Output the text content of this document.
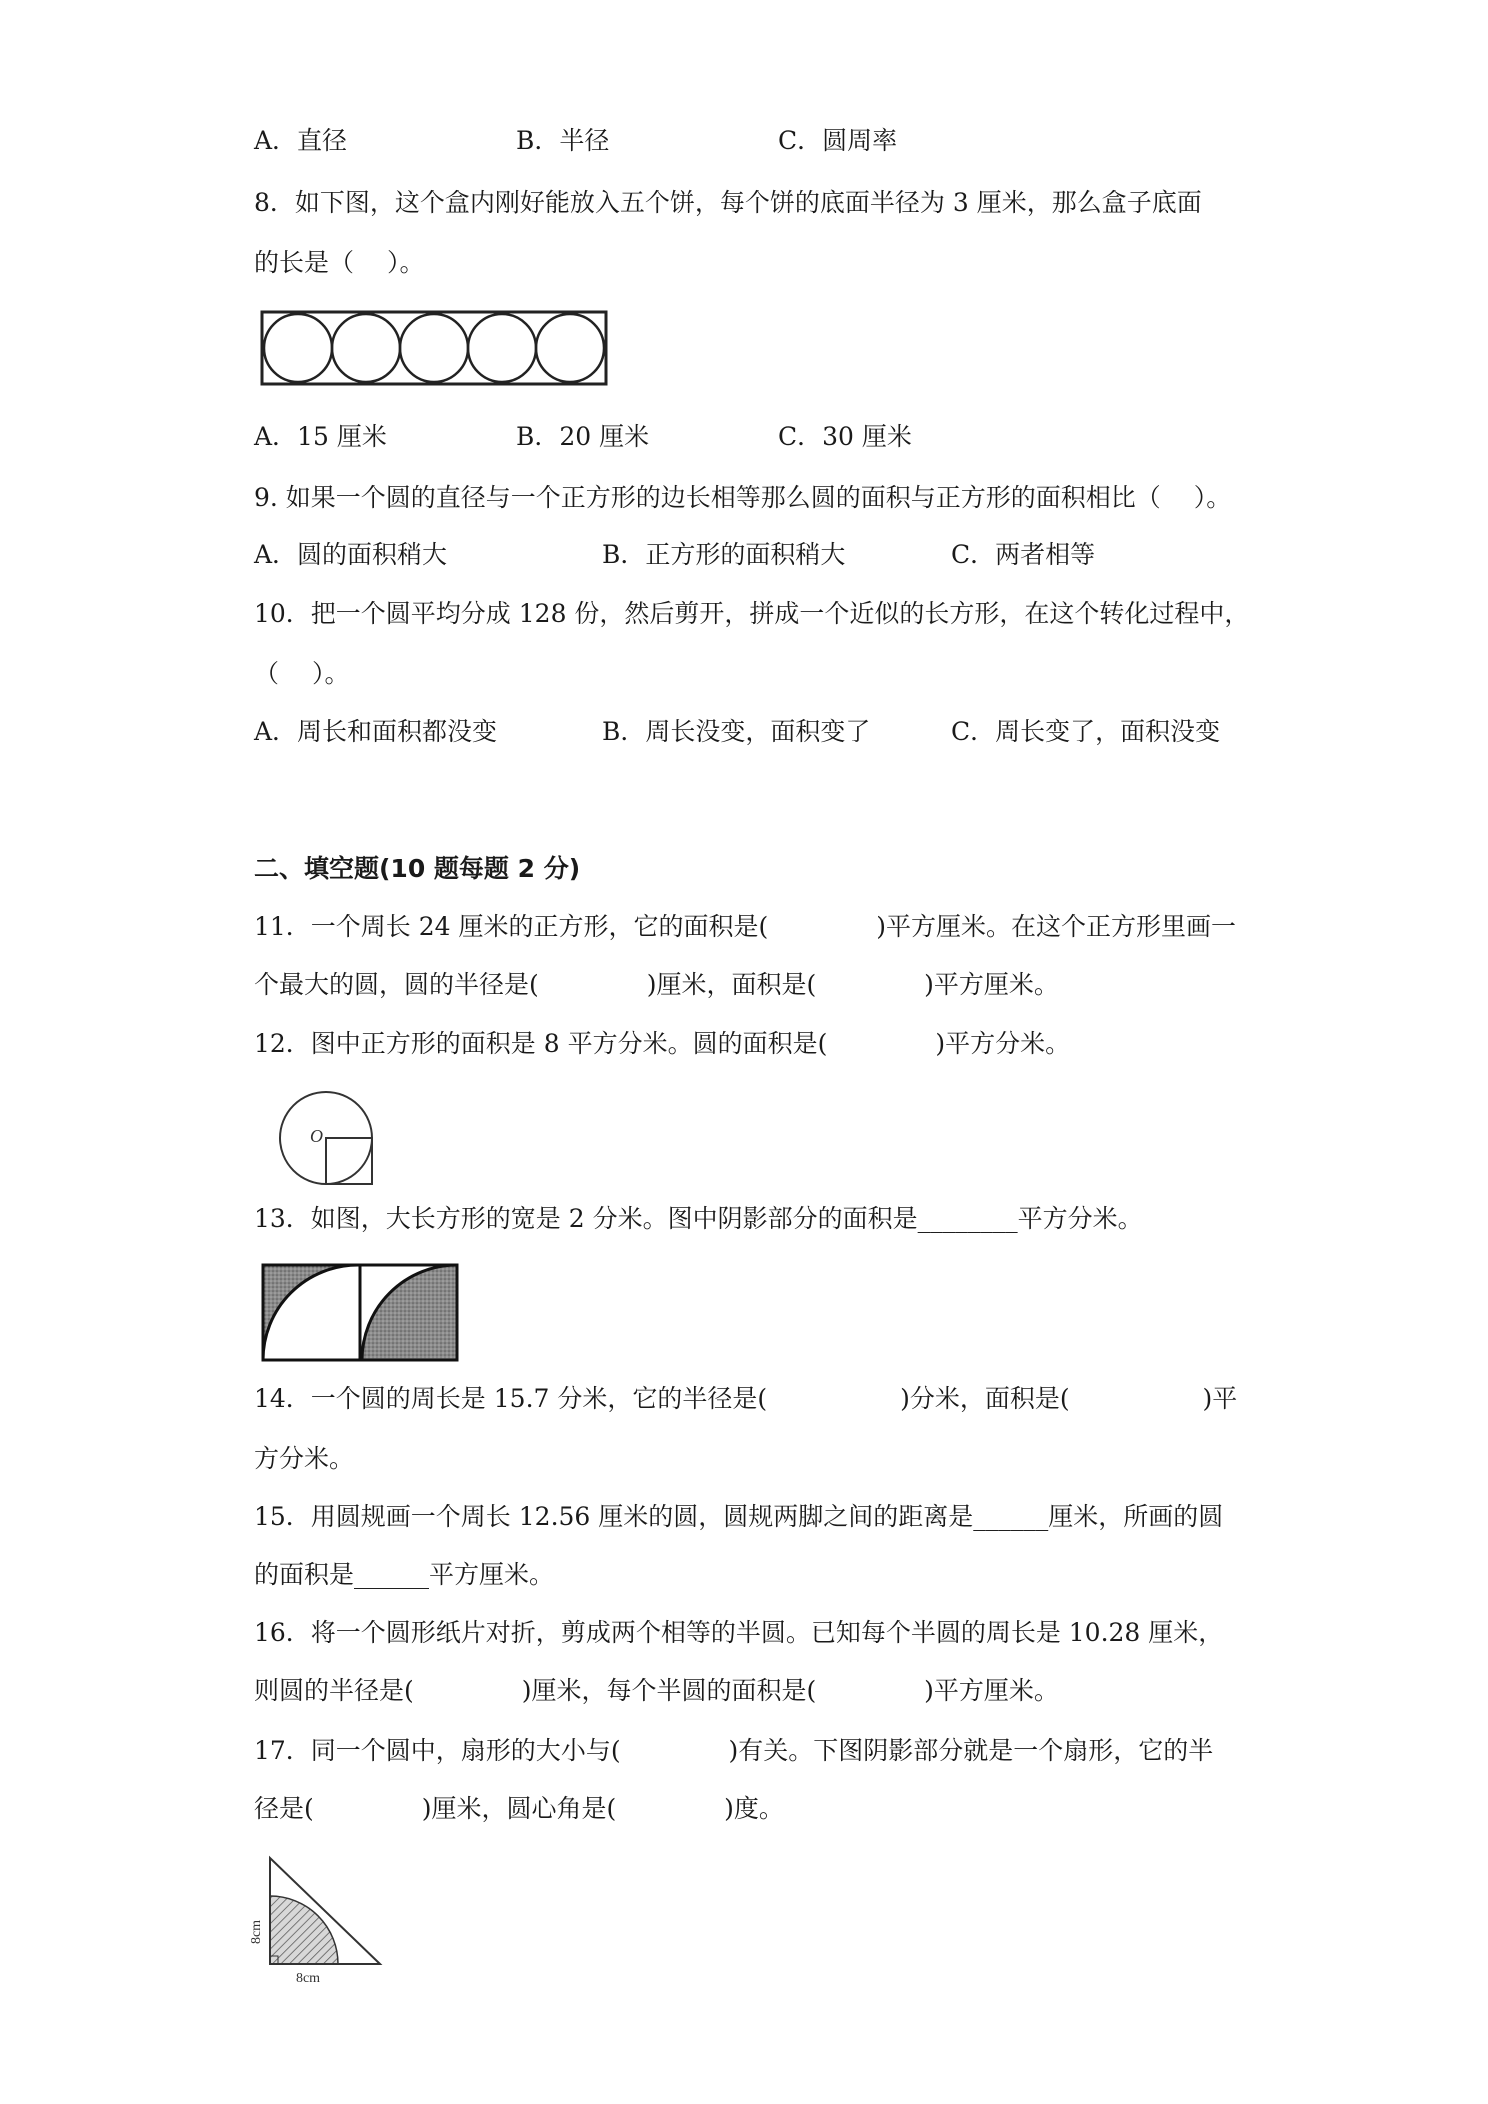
A．直径	B．半径	C．圆周率
8．如下图，这个盒内刚好能放入五个饼，每个饼的底面半径为 3 厘米，那么盒子底面
的长是（　 ）。
A．15 厘米	B．20 厘米	C．30 厘米
9. 如果一个圆的直径与一个正方形的边长相等那么圆的面积与正方形的面积相比（　 ）。
A．圆的面积稍大	B．正方形的面积稍大	C．两者相等
10．把一个圆平均分成 128 份，然后剪开，拼成一个近似的长方形，在这个转化过程中，
（　 ）。
A．周长和面积都没变	B．周长没变，面积变了	C．周长变了，面积没变
二、填空题(10 题每题 2 分)
11．一个周长 24 厘米的正方形，它的面积是(　　　　 )平方厘米。在这个正方形里画一
个最大的圆，圆的半径是(　　　　 )厘米，面积是(　　　　 )平方厘米。
12．图中正方形的面积是 8 平方分米。圆的面积是(　　　　 )平方分米。
O
13．如图，大长方形的宽是 2 分米。图中阴影部分的面积是________平方分米。
14．一个圆的周长是 15.7 分米，它的半径是(　　　　　 )分米，面积是(　　　　　 )平
方分米。
15．用圆规画一个周长 12.56 厘米的圆，圆规两脚之间的距离是______厘米，所画的圆
的面积是______平方厘米。
16．将一个圆形纸片对折，剪成两个相等的半圆。已知每个半圆的周长是 10.28 厘米，
则圆的半径是(　　　　 )厘米，每个半圆的面积是(　　　　 )平方厘米。
17．同一个圆中，扇形的大小与(　　　　 )有关。下图阴影部分就是一个扇形，它的半
径是(　　　　 )厘米，圆心角是(　　　　 )度。
8cm
8cm
